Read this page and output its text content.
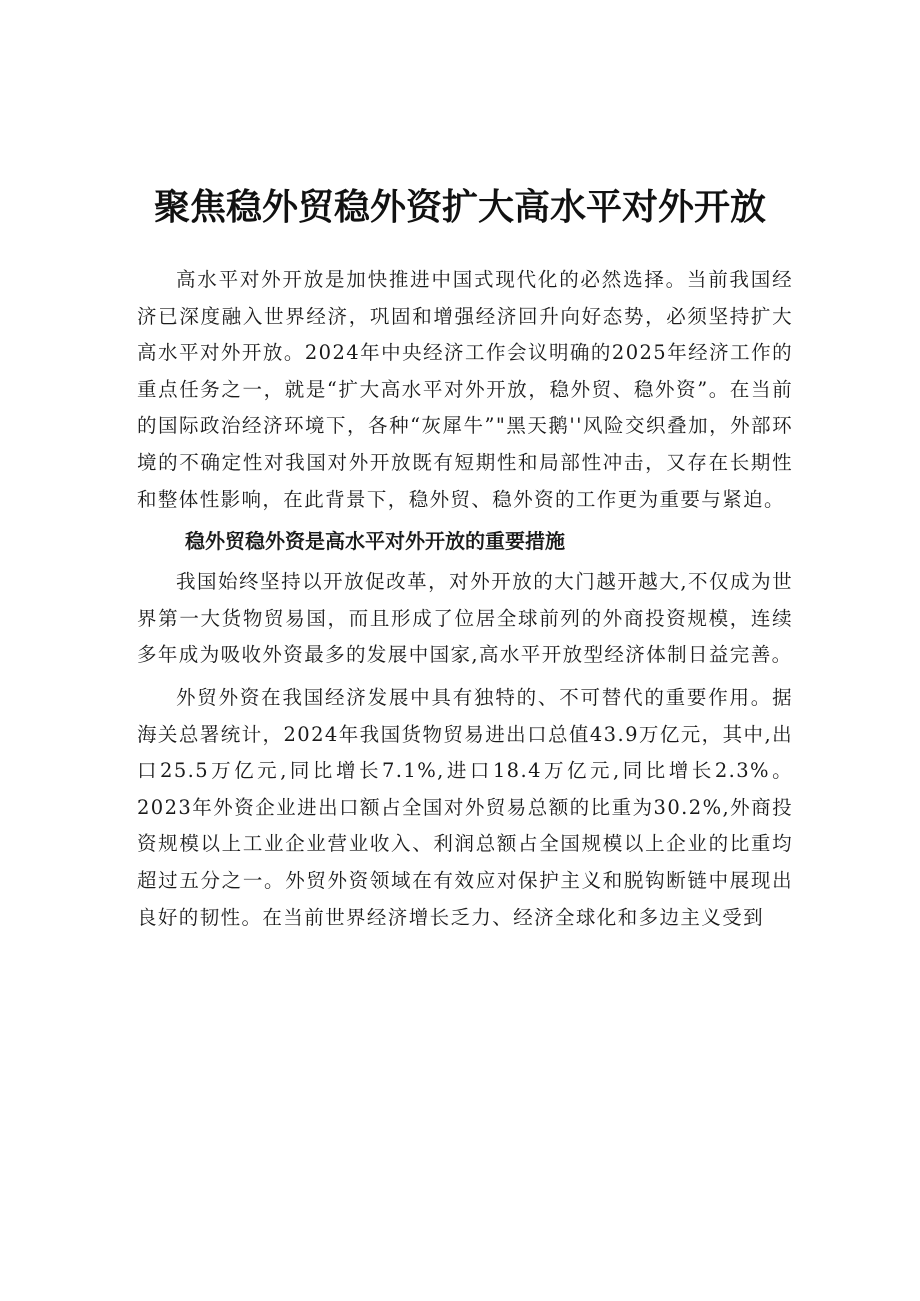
聚焦稳外贸稳外资扩大高水平对外开放

高水平对外开放是加快推进中国式现代化的必然选择。当前我国经济已深度融入世界经济，巩固和增强经济回升向好态势，必须坚持扩大高水平对外开放。2024年中央经济工作会议明确的2025年经济工作的重点任务之一，就是“扩大高水平对外开放，稳外贸、稳外资”。在当前的国际政治经济环境下，各种“灰犀牛”"黑天鹅''风险交织叠加，外部环境的不确定性对我国对外开放既有短期性和局部性冲击，又存在长期性和整体性影响，在此背景下，稳外贸、稳外资的工作更为重要与紧迫。

稳外贸稳外资是高水平对外开放的重要措施

我国始终坚持以开放促改革，对外开放的大门越开越大,不仅成为世界第一大货物贸易国，而且形成了位居全球前列的外商投资规模，连续多年成为吸收外资最多的发展中国家,高水平开放型经济体制日益完善。

外贸外资在我国经济发展中具有独特的、不可替代的重要作用。据海关总署统计，2024年我国货物贸易进出口总值43.9万亿元，其中,出口25.5万亿元,同比增长7.1%,进口18.4万亿元,同比增长2.3%。2023年外资企业进出口额占全国对外贸易总额的比重为30.2%,外商投资规模以上工业企业营业收入、利润总额占全国规模以上企业的比重均超过五分之一。外贸外资领域在有效应对保护主义和脱钩断链中展现出良好的韧性。在当前世界经济增长乏力、经济全球化和多边主义受到
